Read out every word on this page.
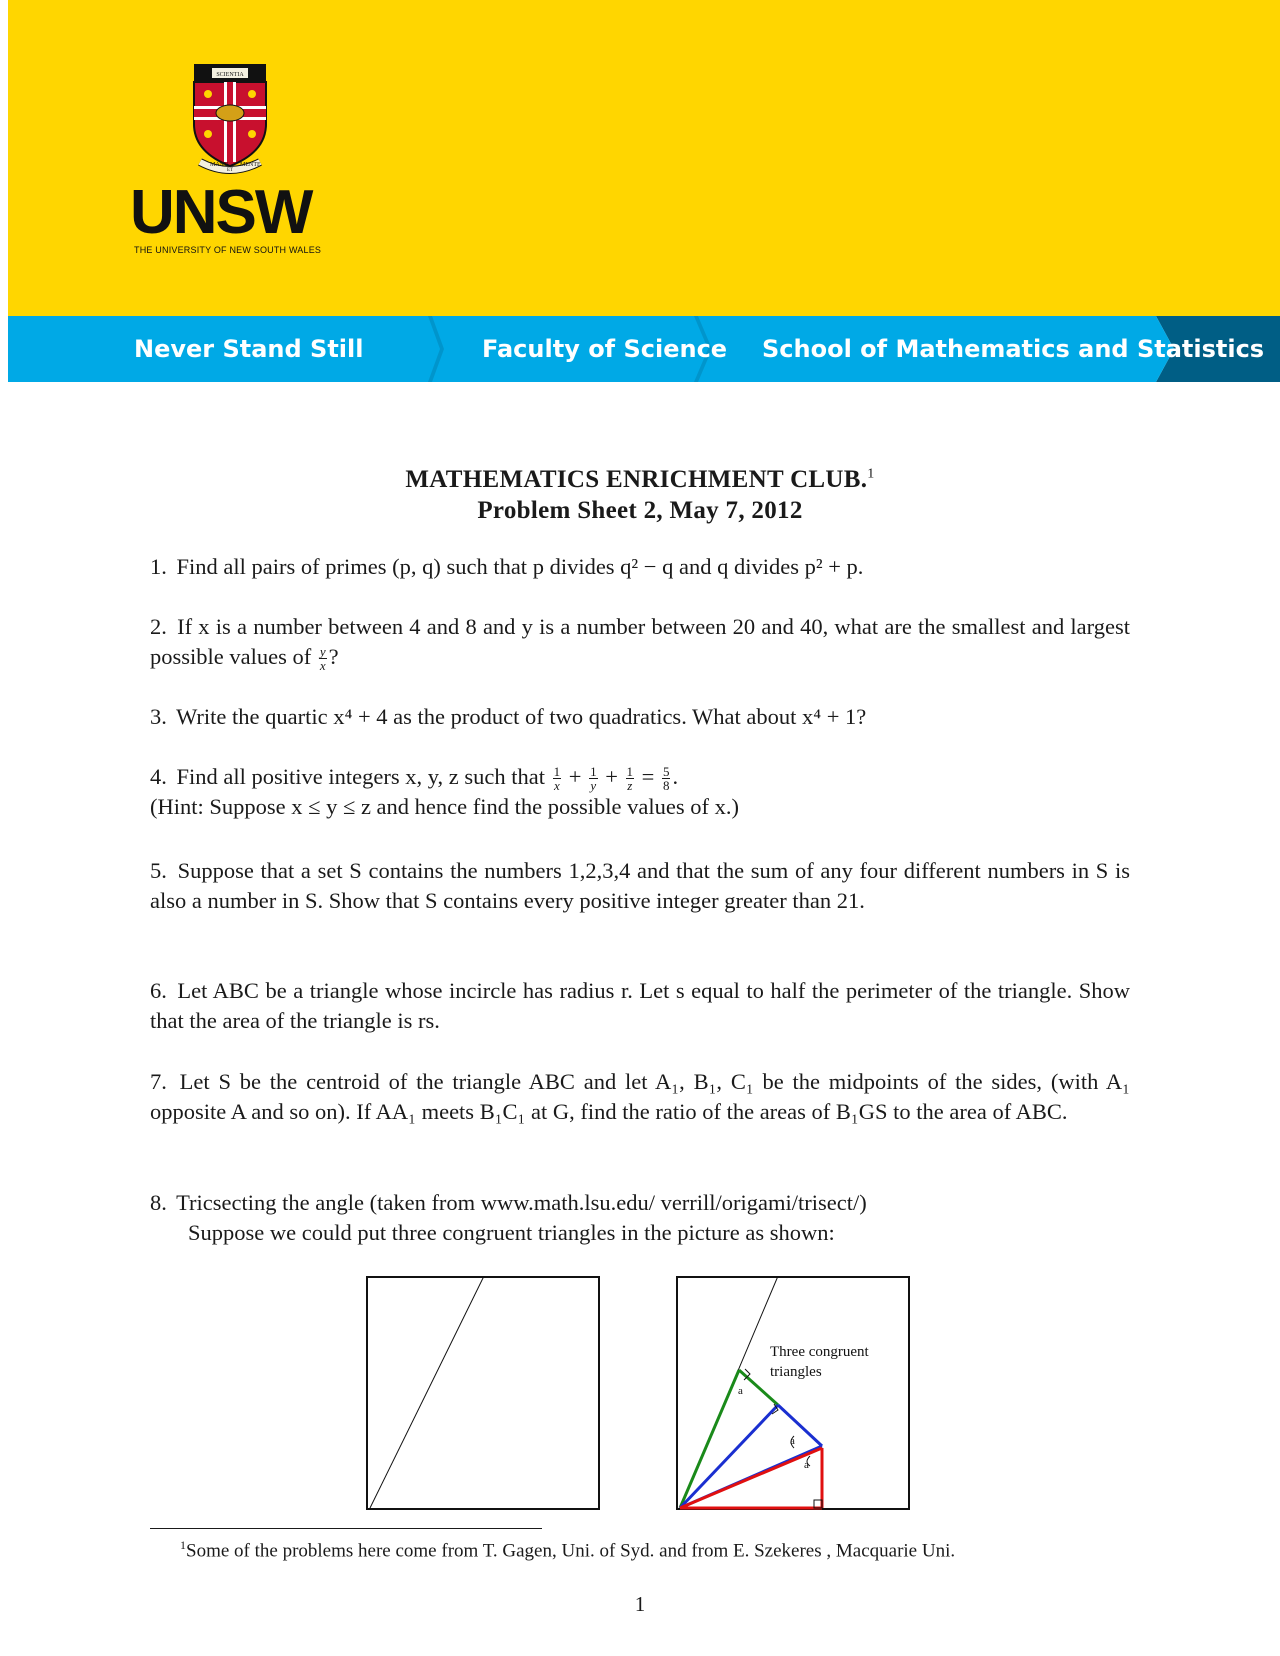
SCIENTIA
MANU
ET
MENTE
UNSW
THE UNIVERSITY OF NEW SOUTH WALES
Never Stand Still	Faculty of Science School of Mathematics and Statistics
MATHEMATICS ENRICHMENT CLUB.$^1$
Problem Sheet 2, May 7, 2012
1. Find all pairs of primes (p, q) such that p divides q² − q and q divides p² + p.
2. If x is a number between 4 and 8 and y is a number between 20 and 40, what are the smallest and largest possible values of $\frac{y}{x}$ ?
3. Write the quartic x⁴ + 4 as the product of two quadratics. What about x⁴ + 1?
4. Find all positive integers x, y, z such that $\frac{1}{x} + \frac{1}{y} + \frac{1}{z} = \frac{5}{8}$ .
(Hint: Suppose x ≤ y ≤ z and hence find the possible values of x.)
5. Suppose that a set S contains the numbers 1,2,3,4 and that the sum of any four different numbers in S is also a number in S. Show that S contains every positive integer greater than 21.
6. Let ABC be a triangle whose incircle has radius r. Let s equal to half the perimeter of the triangle. Show that the area of the triangle is rs.
7. Let S be the centroid of the triangle ABC and let A₁, B₁, C₁ be the midpoints of the sides, (with A₁ opposite A and so on). If AA₁ meets B₁C₁ at G, find the ratio of the areas of B₁GS to the area of ABC.
8. Tricsecting the angle (taken from www.math.lsu.edu/ verrill/origami/trisect/)
Suppose we could put three congruent triangles in the picture as shown:
a
a
a
Three congruent
triangles
$^1$Some of the problems here come from T. Gagen, Uni. of Syd. and from E. Szekeres , Macquarie Uni.
1
